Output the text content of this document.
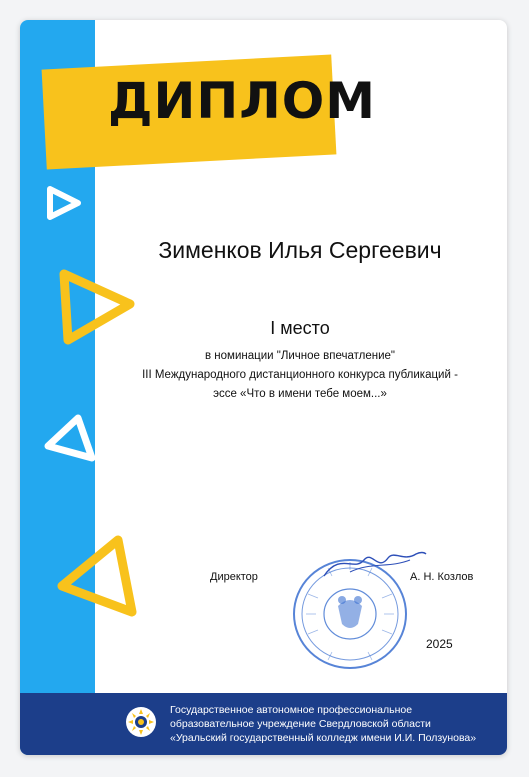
ДИПЛОМ

Зименков Илья Сергеевич

I место

в номинации "Личное впечатление"

III Международного дистанционного конкурса публикаций -

эссе «Что в имени тебе моем...»

Директор	А. Н. Козлов
2025
Государственное автономное профессиональное
образовательное учреждение Свердловской области
«Уральский государственный колледж имени И.И. Ползунова»
